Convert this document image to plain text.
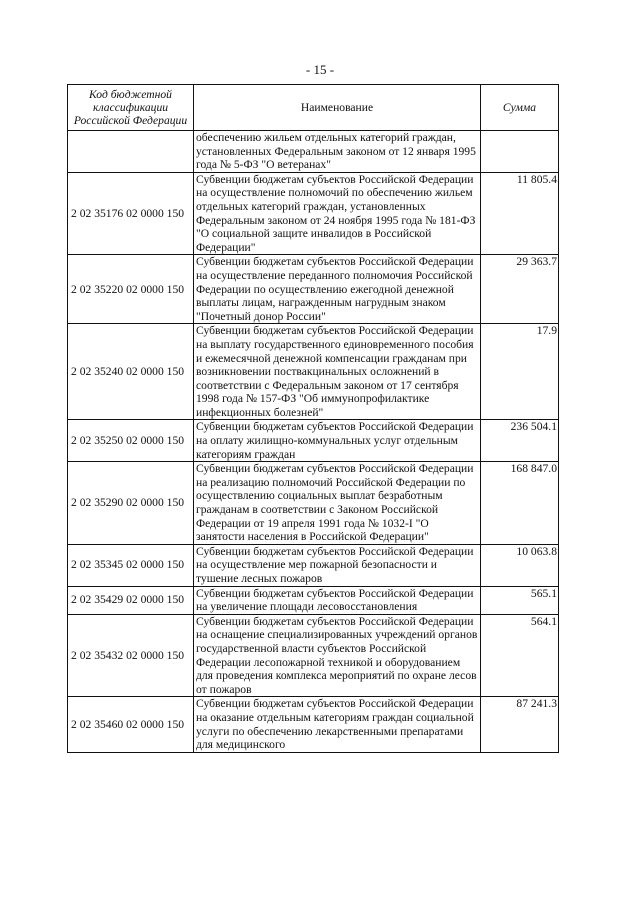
- 15 -
Код бюджетной классификации Российской Федерации	Наименование	Сумма
	обеспечению жильем отдельных категорий граждан, установленных Федеральным законом от 12 января 1995 года № 5-ФЗ "О ветеранах"	
2 02 35176 02 0000 150	Субвенции бюджетам субъектов Российской Федерации на осуществление полномочий по обеспечению жильем отдельных категорий граждан, установленных Федеральным законом от 24 ноября 1995 года № 181-ФЗ "О социальной защите инвалидов в Российской Федерации"	11 805.4
2 02 35220 02 0000 150	Субвенции бюджетам субъектов Российской Федерации на осуществление переданного полномочия Российской Федерации по осуществлению ежегодной денежной выплаты лицам, награжденным нагрудным знаком "Почетный донор России"	29 363.7
2 02 35240 02 0000 150	Субвенции бюджетам субъектов Российской Федерации на выплату государственного единовременного пособия и ежемесячной денежной компенсации гражданам при возникновении поствакцинальных осложнений в соответствии с Федеральным законом от 17 сентября 1998 года № 157-ФЗ "Об иммунопрофилактике инфекционных болезней"	17.9
2 02 35250 02 0000 150	Субвенции бюджетам субъектов Российской Федерации на оплату жилищно-коммунальных услуг отдельным категориям граждан	236 504.1
2 02 35290 02 0000 150	Субвенции бюджетам субъектов Российской Федерации на реализацию полномочий Российской Федерации по осуществлению социальных выплат безработным гражданам в соответствии с Законом Российской Федерации от 19 апреля 1991 года № 1032-I "О занятости населения в Российской Федерации"	168 847.0
2 02 35345 02 0000 150	Субвенции бюджетам субъектов Российской Федерации на осуществление мер пожарной безопасности и тушение лесных пожаров	10 063.8
2 02 35429 02 0000 150	Субвенции бюджетам субъектов Российской Федерации на увеличение площади лесовосстановления	565.1
2 02 35432 02 0000 150	Субвенции бюджетам субъектов Российской Федерации на оснащение специализированных учреждений органов государственной власти субъектов Российской Федерации лесопожарной техникой и оборудованием для проведения комплекса мероприятий по охране лесов от пожаров	564.1
2 02 35460 02 0000 150	Субвенции бюджетам субъектов Российской Федерации на оказание отдельным категориям граждан социальной услуги по обеспечению лекарственными препаратами для медицинского	87 241.3
